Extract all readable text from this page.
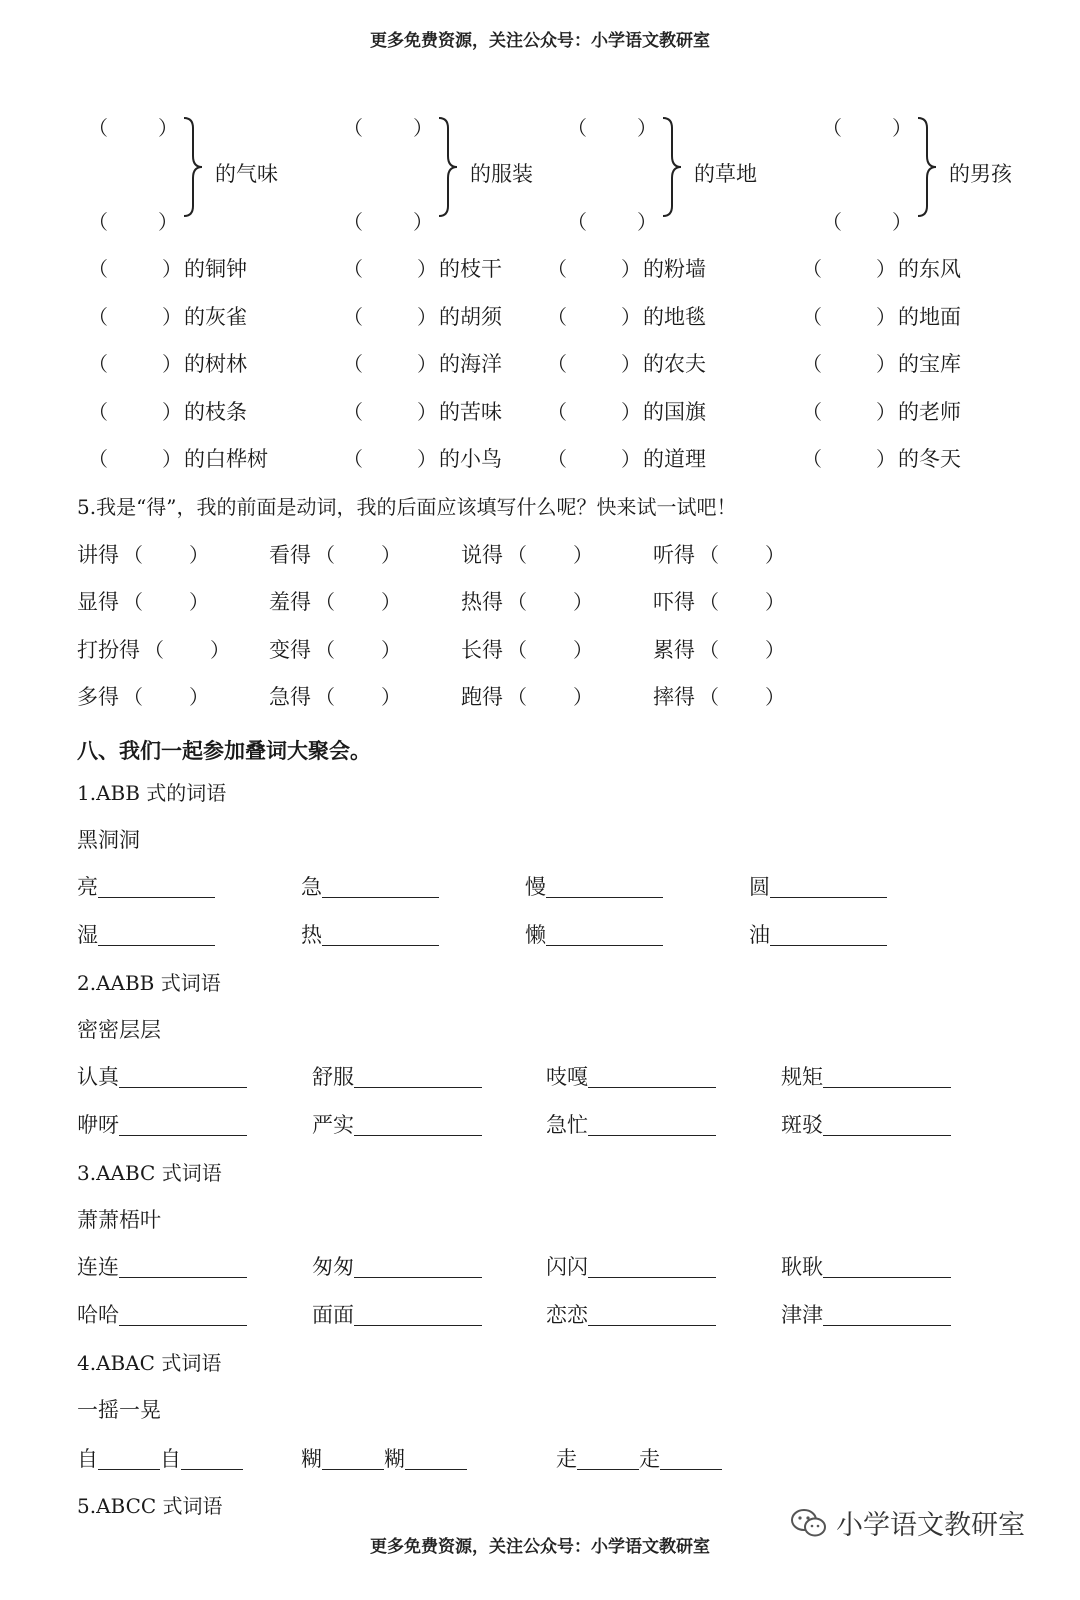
更多免费资源，关注公众号：小学语文教研室
（	）
（	）
的气味
（	）
（	）
的服装
（	）
（	）
的草地
（	）
（	）
的男孩
（	） 的铜钟	（	） 的枝干 （	） 的粉墙	（	） 的东风
（	） 的灰雀	（	） 的胡须 （	） 的地毯	（	） 的地面
（	） 的树林	（	） 的海洋 （	） 的农夫	（	） 的宝库
（	） 的枝条	（	） 的苦味 （	） 的国旗	（	） 的老师
（	） 的白桦树	（	） 的小鸟 （	） 的道理	（	） 的冬天
5.我是“得”，我的前面是动词，我的后面应该填写什么呢？快来试一试吧！
讲得 （ ）	看得 （ ）	说得 （ ）	听得 （ ）
显得 （ ）	羞得 （ ）	热得 （ ）	吓得 （ ）
打扮得 （ ） 变得 （ ）	长得 （ ）	累得 （ ）
多得 （ ）	急得 （ ）	跑得 （ ）	摔得 （ ）
八、我们一起参加叠词大聚会。
1.ABB 式的词语
黑洞洞
亮	急	慢	圆
湿	热	懒	油
2.AABB 式词语
密密层层
认真	舒服	吱嘎	规矩
咿呀	严实	急忙	斑驳
3.AABC 式词语
萧萧梧叶
连连	匆匆	闪闪	耿耿
哈哈	面面	恋恋	津津
4.ABAC 式词语
一摇一晃
自	自	糊	糊	走	走
5.ABCC 式词语
小学语文教研室
更多免费资源，关注公众号：小学语文教研室
